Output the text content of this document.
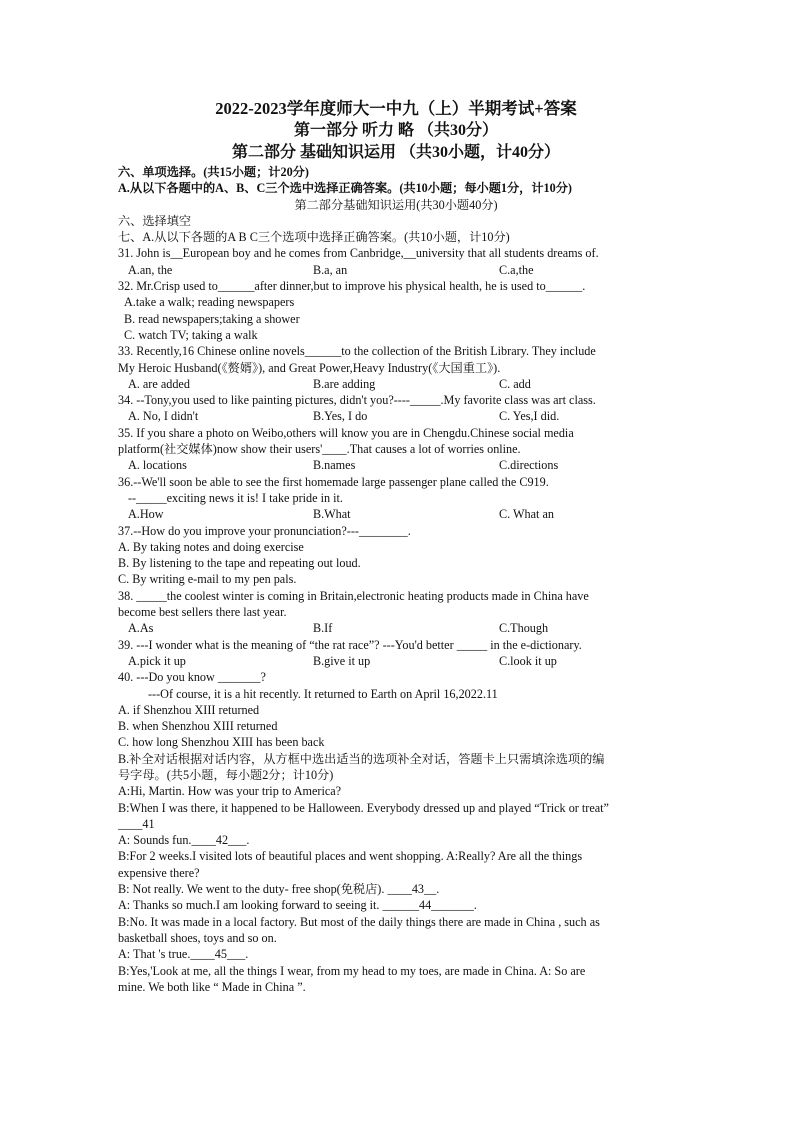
2022-2023学年度师大一中九（上）半期考试+答案
第一部分 听力 略 （共30分）
第二部分 基础知识运用 （共30小题，计40分）
六、单项选择。(共15小题；计20分)
A.从以下各题中的A、B、C三个选中选择正确答案。(共10小题；每小题1分，计10分)
第二部分基础知识运用(共30小题40分)
六、选择填空
七、A.从以下各题的A B C三个选项中选择正确答案。(共10小题，计10分)
31. John is__European boy and he comes from Canbridge,__university that all students dreams of.
A.an, the	B.a, an	C.a,the
32. Mr.Crisp used to______after dinner,but to improve his physical health, he is used to______.
A.take a walk; reading newspapers
B. read newspapers;taking a shower
C. watch TV; taking a walk
33. Recently,16 Chinese online novels______to the collection of the British Library. They include
My Heroic Husband(《赘婿》), and Great Power,Heavy Industry(《大国重工》).
A. are added	B.are adding	C. add
34. --Tony,you used to like painting pictures, didn't you?----_____.My favorite class was art class.
A. No, I didn't	B.Yes, I do	C. Yes,I did.
35. If you share a photo on Weibo,others will know you are in Chengdu.Chinese social media
platform(社交媒体)now show their users'____.That causes a lot of worries online.
A. locations	B.names	C.directions
36.--We'll soon be able to see the first homemade large passenger plane called the C919.
--_____exciting news it is! I take pride in it.
A.How	B.What	C. What an
37.--How do you improve your pronunciation?---________.
A. By taking notes and doing exercise
B. By listening to the tape and repeating out loud.
C. By writing e-mail to my pen pals.
38. _____the coolest winter is coming in Britain,electronic heating products made in China have
become best sellers there last year.
A.As	B.If	C.Though
39. ---I wonder what is the meaning of “the rat race”? ---You'd better _____ in the e-dictionary.
A.pick it up	B.give it up	C.look it up
40. ---Do you know _______?
---Of course, it is a hit recently. It returned to Earth on April 16,2022.11
A. if Shenzhou XIII returned
B. when Shenzhou XIII returned
C. how long Shenzhou XIII has been back
B.补全对话根据对话内容，从方框中选出适当的选项补全对话，答题卡上只需填涂选项的编
号字母。(共5小题，每小题2分；计10分)
A:Hi, Martin. How was your trip to America?
B:When I was there, it happened to be Halloween. Everybody dressed up and played “Trick or treat”
____41
A: Sounds fun.____42___.
B:For 2 weeks.I visited lots of beautiful places and went shopping. A:Really? Are all the things
expensive there?
B: Not really. We went to the duty- free shop(免税店). ____43__.
A: Thanks so much.I am looking forward to seeing it. ______44_______.
B:No. It was made in a local factory. But most of the daily things there are made in China , such as
basketball shoes, toys and so on.
A: That 's true.____45___.
B:Yes,'Look at me, all the things I wear, from my head to my toes, are made in China. A: So are
mine. We both like “ Made in China ”.
